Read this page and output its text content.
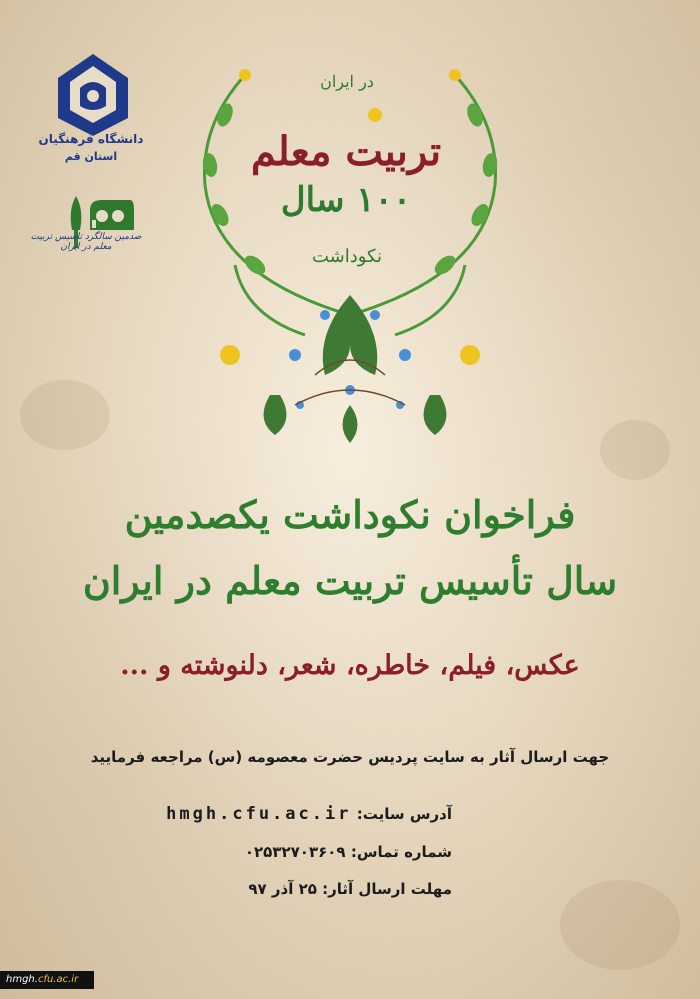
دانشگاه فرهنگیان
استان قم
صدمین سالگرد تاسیس تربیت معلم در ایران
در ایران
تربیت معلم
۱۰۰ سال
نکوداشت
فراخوان نکوداشت یکصدمین
سال تأسیس تربیت معلم در ایران
عکس، فیلم، خاطره، شعر، دلنوشته و ...
جهت ارسال آثار به سایت پردیس حضرت معصومه (س) مراجعه فرمایید
آدرس سایت: hmgh.cfu.ac.ir
شماره تماس: ۰۲۵۳۲۷۰۳۶۰۹
مهلت ارسال آثار: ۲۵ آذر ۹۷
hmgh.cfu.ac.ir
